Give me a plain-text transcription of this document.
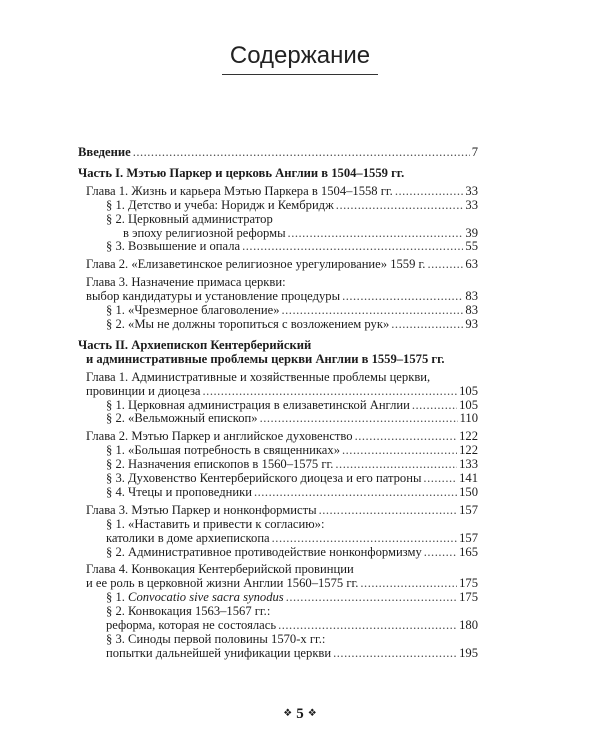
Содержание
Введение .....	7
Часть I. Мэтью Паркер и церковь Англии в 1504–1559 гг.
Глава 1. Жизнь и карьера Мэтью Паркера в 1504–1558 гг. .....	33
§ 1. Детство и учеба: Норидж и Кембридж .....	33
§ 2. Церковный администратор
в эпоху религиозной реформы .....	39
§ 3. Возвышение и опала .....	55
Глава 2. «Елизаветинское религиозное урегулирование» 1559 г. .....	63
Глава 3. Назначение примаса церкви:
выбор кандидатуры и установление процедуры .....	83
§ 1. «Чрезмерное благоволение» .....	83
§ 2. «Мы не должны торопиться с возложением рук» .....	93
Часть II. Архиепископ Кентерберийский
и административные проблемы церкви Англии в 1559–1575 гг.
Глава 1. Административные и хозяйственные проблемы церкви,
провинции и диоцеза .....	105
§ 1. Церковная администрация в елизаветинской Англии .....	105
§ 2. «Вельможный епископ» .....	110
Глава 2. Мэтью Паркер и английское духовенство .....	122
§ 1. «Большая потребность в священниках» .....	122
§ 2. Назначения епископов в 1560–1575 гг. .....	133
§ 3. Духовенство Кентерберийского диоцеза и его патроны .....	141
§ 4. Чтецы и проповедники .....	150
Глава 3. Мэтью Паркер и нонконформисты .....	157
§ 1. «Наставить и привести к согласию»:
католики в доме архиепископа .....	157
§ 2. Административное противодействие нонконформизму .....	165
Глава 4. Конвокация Кентерберийской провинции
и ее роль в церковной жизни Англии 1560–1575 гг. .....	175
§ 1. Convocatio sive sacra synodus .....	175
§ 2. Конвокация 1563–1567 гг.:
реформа, которая не состоялась .....	180
§ 3. Синоды первой половины 1570-х гг.:
попытки дальнейшей унификации церкви .....	195
❖ 5 ❖
